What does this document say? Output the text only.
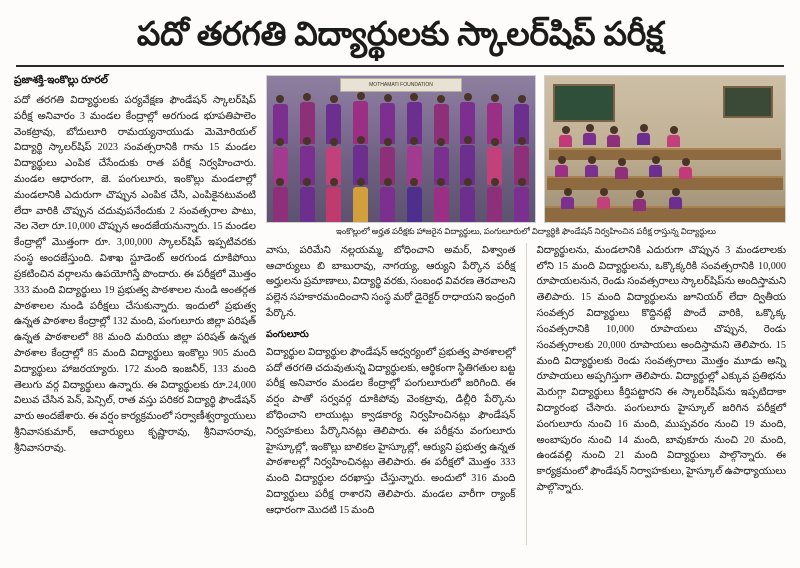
పదో తరగతి విద్యార్థులకు స్కాలర్‌షిప్ పరీక్ష
ప్రజాశక్తి-ఇంకొల్లు రూరల్
పదో తరగతి విద్యార్థులకు పర్యవేక్షణ ఫౌండేషన్ స్కాలర్‌షిప్ పరీక్ష అనివారం 3 మండల కేంద్రాల్లో అరగుండ భూపతిపాలెం వెంకట్రావు, బోదులూరి రామయ్యనాయుడు మెమోరియల్ విద్యార్థి స్కాలర్‌షిప్ 2023 సంవత్సరానికి గాను 15 మండల విద్యార్థులు ఎంపిక చేసేందుకు రాత పరీక్ష నిర్వహించారు. మండల ఆధారంగా, జె. పంగులూరు, ఇంకొల్లు మండలాల్లో మండలానికి ఎదురుగా చొప్పున ఎంపిక చేసి, ఎంపికైనటువంటి లేదా వారికి చొప్పున చదువుపనేందుకు 2 సంవత్సరాల పాటు, నెల నెలా రూ.10,000 చొప్పున అందజేయనున్నారు. 15 మండల కేంద్రాల్లో మొత్తంగా రూ. 3,00,000 స్కాలర్‌షిప్ ఇప్పటివరకు సంస్థ అందజేస్తుంది. విశాఖ స్టూడెంట్ అరగుండ దూకిపోయి ప్రకటించిన వర్గాలను ఉపయోగిస్తే పొందారు. ఈ పరీక్షలో మొత్తం 333 మంది విద్యార్థులు 19 ప్రభుత్వ పాఠశాలల నుండి అంతర్గత పాఠశాలల నుండి పరీక్షలు చేసుకున్నారు. ఇందులో ప్రభుత్వ ఉన్నత పాఠశాల కేంద్రాల్లో 132 మంది, పంగులూరు జిల్లా పరిషత్ ఉన్నత పాఠశాలలో 88 మంది మరియు జిల్లా పరిషత్ ఉన్నత పాఠశాల కేంద్రాల్లో 85 మంది విద్యార్థులు ఇంకొల్లు 905 మంది విద్యార్థులు హాజరయ్యారు. 172 మంది ఇంజనీర్, 133 మంది తెలుగు వర్గ విద్యార్థులు ఉన్నారు. ఈ విద్యార్థులకు రూ.24,000 విలువ చేసిన పెన్, పెన్సిల్, రాత వస్తు పరికర విద్యార్థి ఫౌండేషన్ వారు అందజేశారు. ఈ వర్షం కార్యక్రమంలో సర్వాణీశ్వర్యాయులు శ్రీనివాసకుమార్, ఆచార్యులు కృష్ణారావు, శ్రీనివాసరావు, శ్రీనివాసరావు.
MOTHAMATI FOUNDATION
ఇంకొల్లులో అర్హత పరీక్షకు హాజరైన విద్యార్థులు, పంగులూరులో విద్యార్థికి ఫౌండేషన్ నిర్వహించిన పరీక్ష రాస్తున్న విద్యార్థులు

వాసు, పరిమేని నల్లయమ్మ, బోధించాని అమర్, విశ్వాంత ఆచార్యులు బి బాబురావు, నాగయ్య, ఆర్యుని పేర్కొన పరీక్ష అర్హులను ప్రమాణాలు, విద్యార్థి వరకు, సంబంధ వివరణ తెరవాలని పల్లెన సహకారమందించాని సంస్థ మరో డైరెక్టర్ రాధాయని ఇంద్రంగి పేర్కొన.

పంగులూరు

విద్యార్థుల విద్యార్థుల ఫౌండేషన్ ఆధ్వర్యంలో ప్రభుత్వ పాఠశాలల్లో పదో తరగతి చదువుతున్న విద్యార్థులకు, ఆర్థికంగా స్థితిగతుల బట్ట పరీక్ష అనివారం మండల కేంద్రాల్లో పంగులూరులో జరిగింది. ఈ వర్షం పాతో సర్వవర్గ దూకిపోవు వెంకట్రావు, డిల్లీరి పేర్కొను బోధించాని లాయుట్లు క్వాడకార్య నిర్వహించినట్లు ఫౌండేషన్ నిర్వహకులు పేర్కొనినట్లు తెలిపారు. ఈ పరీక్షను వంగులూరు హైస్కూల్లో, ఇంకొల్లు బాలికల హైస్కూల్లో, ఆర్యుని ప్రభుత్వ ఉన్నత పాఠశాలల్లో నిర్వహించినట్లు తెలిపారు. ఈ పరీక్షలో మొత్తం 333 మంది విద్యార్థుల దరఖాస్తు చేస్తున్నారు. అందులో 316 మంది విద్యార్థులు పరీక్ష రాశారని తెలిపారు. మండల వారీగా ర్యాంక్ ఆధారంగా మొదటి 15 మంది

విద్యార్థులను, మండలానికి ఎదురుగా చొప్పున 3 మండలాలకు లోని 15 మంది విద్యార్థులను, ఒక్కొక్కరికి సంవత్సరానికి 10,000 రూపాయలనున, రెండు సంవత్సరాలు స్కాలర్‌షిప్‌ను అందిస్తామని తెలిపారు. 15 మంది విద్యార్థులను జూనియర్ లేదా ద్వితీయ సంవత్సర విద్యార్థులు కొద్దినట్లే పొందే వారికి, ఒక్కొక్క సంవత్సరానికి 10,000 రూపాయలు చొప్పున, రెండు సంవత్సరాలకు 20,000 రూపాయలు అందిస్తామని తెలిపారు. 15 మంది విద్యార్థులకు రెండు సంవత్సరాలు మొత్తం మూడు అన్ని రూపాయలు అప్పగిస్తుగా తెలిపారు. విద్యార్థుల్లో ఎక్కువ ప్రతిభను మెరుగ్గా విద్యార్థులు కీర్తిపట్టారని ఈ స్కాలర్‌షిప్‌ను ఇప్పటిదాకా విద్యారంభ చేసారు. పంగులూరు హైస్కూల్ జరిగిన పరీక్షలో పంగులూరు నుంచి 16 మంది, ముప్పవరం నుంచి 19 మంది, అంబాపురం నుంచి 14 మంది, బావుకూరు నుంచి 20 మంది, ఉండవల్లి నుంచి 21 మంది విద్యార్థులు పాల్గొన్నారు. ఈ కార్యక్రమంలో ఫౌండేషన్ నిర్వాహకులు, హైస్కూల్ ఉపాధ్యాయులు పాల్గొన్నారు.
